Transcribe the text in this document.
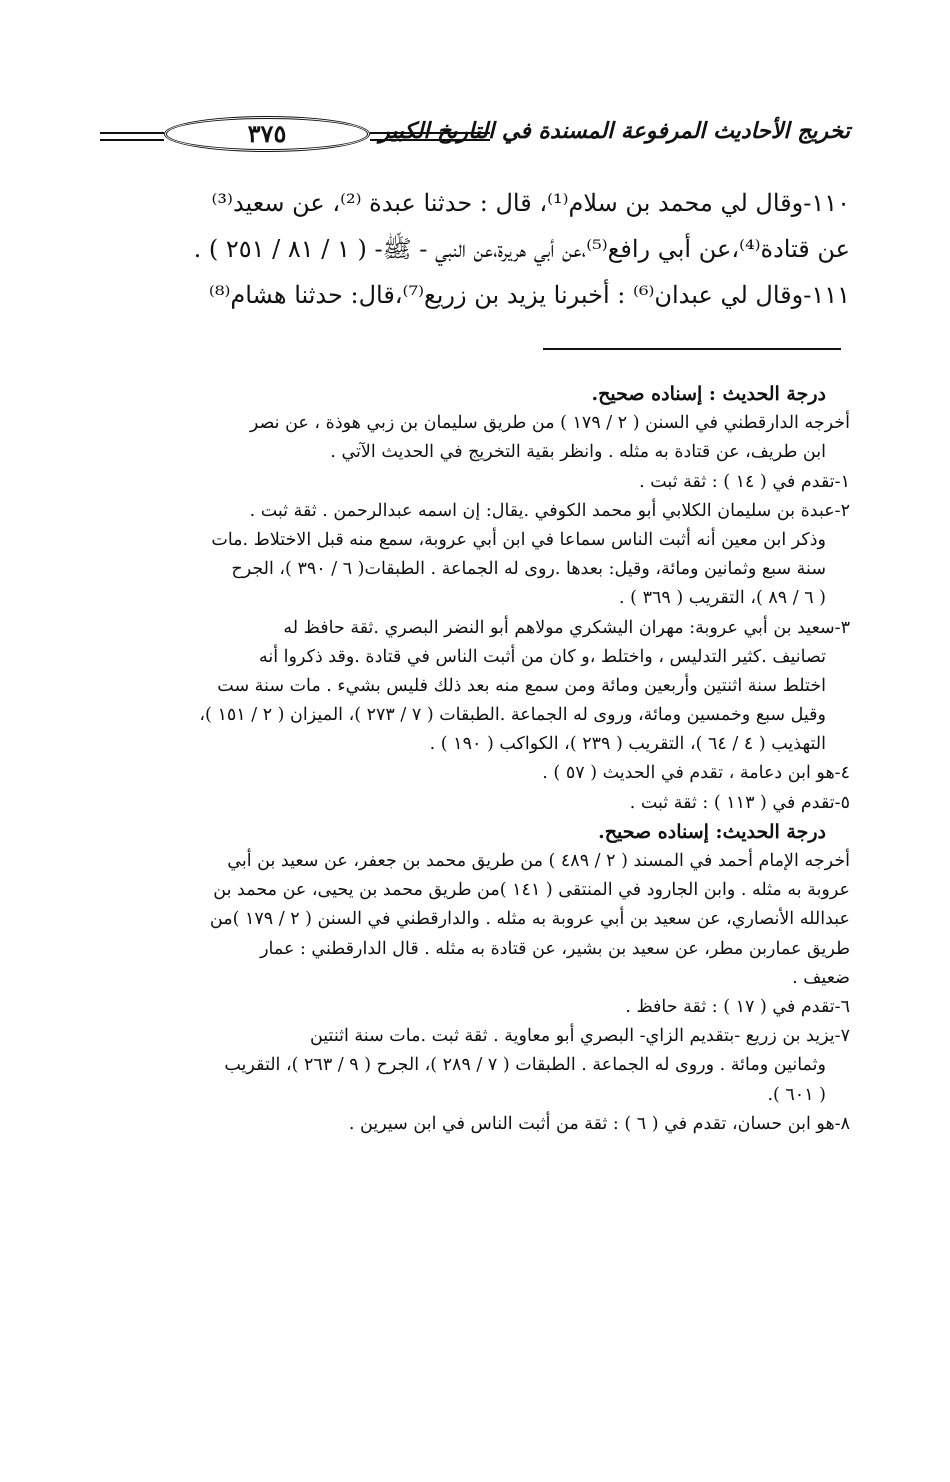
٣٧٥	تخريج الأحاديث المرفوعة المسندة في التاريخ الكبير
١١٠-وقال لي محمد بن سلام⁽¹⁾، قال : حدثنا عبدة ⁽²⁾، عن سعيد⁽³⁾
عن قتادة⁽⁴⁾،عن أبي رافع⁽⁵⁾،عن أبي هريرة،عن النبي - ﷺ- ( ١ / ٨١ / ٢٥١ ) .
١١١-وقال لي عبدان⁽⁶⁾ : أخبرنا يزيد بن زريع⁽⁷⁾،قال: حدثنا هشام⁽⁸⁾
درجة الحديث : إسناده صحيح.
أخرجه الدارقطني في السنن ( ٢ / ١٧٩ ) من طريق سليمان بن زبي هوذة ، عن نصر
ابن طريف، عن قتادة به مثله . وانظر بقية التخريج في الحديث الآتي .
١-تقدم في ( ١٤ ) : ثقة ثبت .
٢-عبدة بن سليمان الكلابي أبو محمد الكوفي .يقال: إن اسمه عبدالرحمن . ثقة ثبت .
وذكر ابن معين أنه أثبت الناس سماعا في ابن أبي عروبة، سمع منه قبل الاختلاط .مات
سنة سبع وثمانين ومائة، وقيل: بعدها .روى له الجماعة . الطبقات( ٦ / ٣٩٠ )، الجرح
( ٦ / ٨٩ )، التقريب ( ٣٦٩ ) .
٣-سعيد بن أبي عروبة: مهران اليشكري مولاهم أبو النضر البصري .ثقة حافظ له
تصانيف .كثير التدليس ، واختلط ،و كان من أثبت الناس في قتادة .وقد ذكروا أنه
اختلط سنة اثنتين وأربعين ومائة ومن سمع منه بعد ذلك فليس بشيء . مات سنة ست
وقيل سبع وخمسين ومائة، وروى له الجماعة .الطبقات ( ٧ / ٢٧٣ )، الميزان ( ٢ / ١٥١ )،
التهذيب ( ٤ / ٦٤ )، التقريب ( ٢٣٩ )، الكواكب ( ١٩٠ ) .
٤-هو ابن دعامة ، تقدم في الحديث ( ٥٧ ) .
٥-تقدم في ( ١١٣ ) : ثقة ثبت .
درجة الحديث: إسناده صحيح.
أخرجه الإمام أحمد في المسند ( ٢ / ٤٨٩ ) من طريق محمد بن جعفر، عن سعيد بن أبي
عروبة به مثله . وابن الجارود في المنتقى ( ١٤١ )من طريق محمد بن يحيى، عن محمد بن
عبدالله الأنصاري، عن سعيد بن أبي عروبة به مثله . والدارقطني في السنن ( ٢ / ١٧٩ )من
طريق عماربن مطر، عن سعيد بن بشير، عن قتادة به مثله . قال الدارقطني : عمار
ضعيف .
٦-تقدم في ( ١٧ ) : ثقة حافظ .
٧-يزيد بن زريع -بتقديم الزاي- البصري أبو معاوية . ثقة ثبت .مات سنة اثنتين
وثمانين ومائة . وروى له الجماعة . الطبقات ( ٧ / ٢٨٩ )، الجرح ( ٩ / ٢٦٣ )، التقريب
( ٦٠١ ).
٨-هو ابن حسان، تقدم في ( ٦ ) : ثقة من أثبت الناس في ابن سيرين .
